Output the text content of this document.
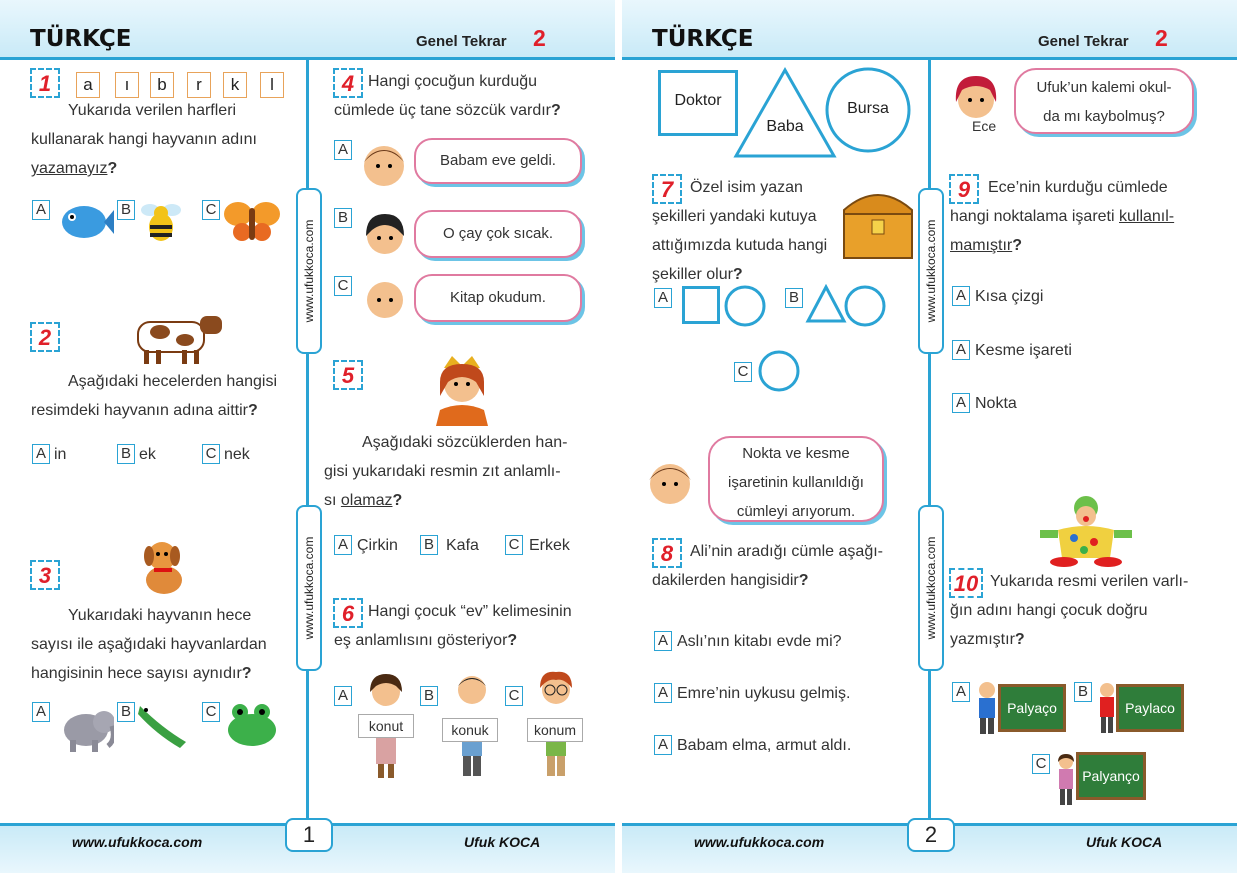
TÜRKÇE	Genel Tekrar 2
www.ufukkoca.com
www.ufukkoca.com
1	a	ı	b	r	k	l
Yukarıda verilen harfleri
kullanarak hangi hayvanın adını
yazamayız?
A	B	C
2
Aşağıdaki hecelerden hangisi
resimdeki hayvanın adına aittir?
A in	B ek	C nek
3
Yukarıdaki hayvanın hece
sayısı ile aşağıdaki hayvanlardan
hangisinin hece sayısı aynıdır?
A	B	C
4 Hangi çocuğun kurduğu
cümlede üç tane sözcük vardır?
A
Babam eve geldi.
B
O çay çok sıcak.
C
Kitap okudum.
5
Aşağıdaki sözcüklerden han-
gisi yukarıdaki resmin zıt anlamlı-
sı olamaz?
A Çirkin B Kafa C Erkek
6 Hangi çocuk “ev” kelimesinin
eş anlamlısını gösteriyor?
A
konut
B
konuk
C
konum
www.ufukkoca.com	1	Ufuk KOCA
TÜRKÇE	Genel Tekrar 2
www.ufukkoca.com
www.ufukkoca.com
Doktor
Baba
Bursa
7	Özel isim yazan
şekilleri yandaki kutuya
attığımızda kutuda hangi
şekiller olur?
A	B
C
Nokta ve kesme
işaretinin kullanıldığı
cümleyi arıyorum.
8	Ali’nin aradığı cümle aşağı-
dakilerden hangisidir?
A Aslı’nın kitabı evde mi?
A Emre’nin uykusu gelmiş.
A Babam elma, armut aldı.
Ece
Ufuk’un kalemi okul-
da mı kaybolmuş?
9	Ece’nin kurduğu cümlede
hangi noktalama işareti kullanıl-
mamıştır?
A Kısa çizgi
A Kesme işareti
A Nokta
10 Yukarıda resmi verilen varlı-
ğın adını hangi çocuk doğru
yazmıştır?
A
Palyaço
B
Paylaco
C
Palyanço
www.ufukkoca.com	2	Ufuk KOCA
